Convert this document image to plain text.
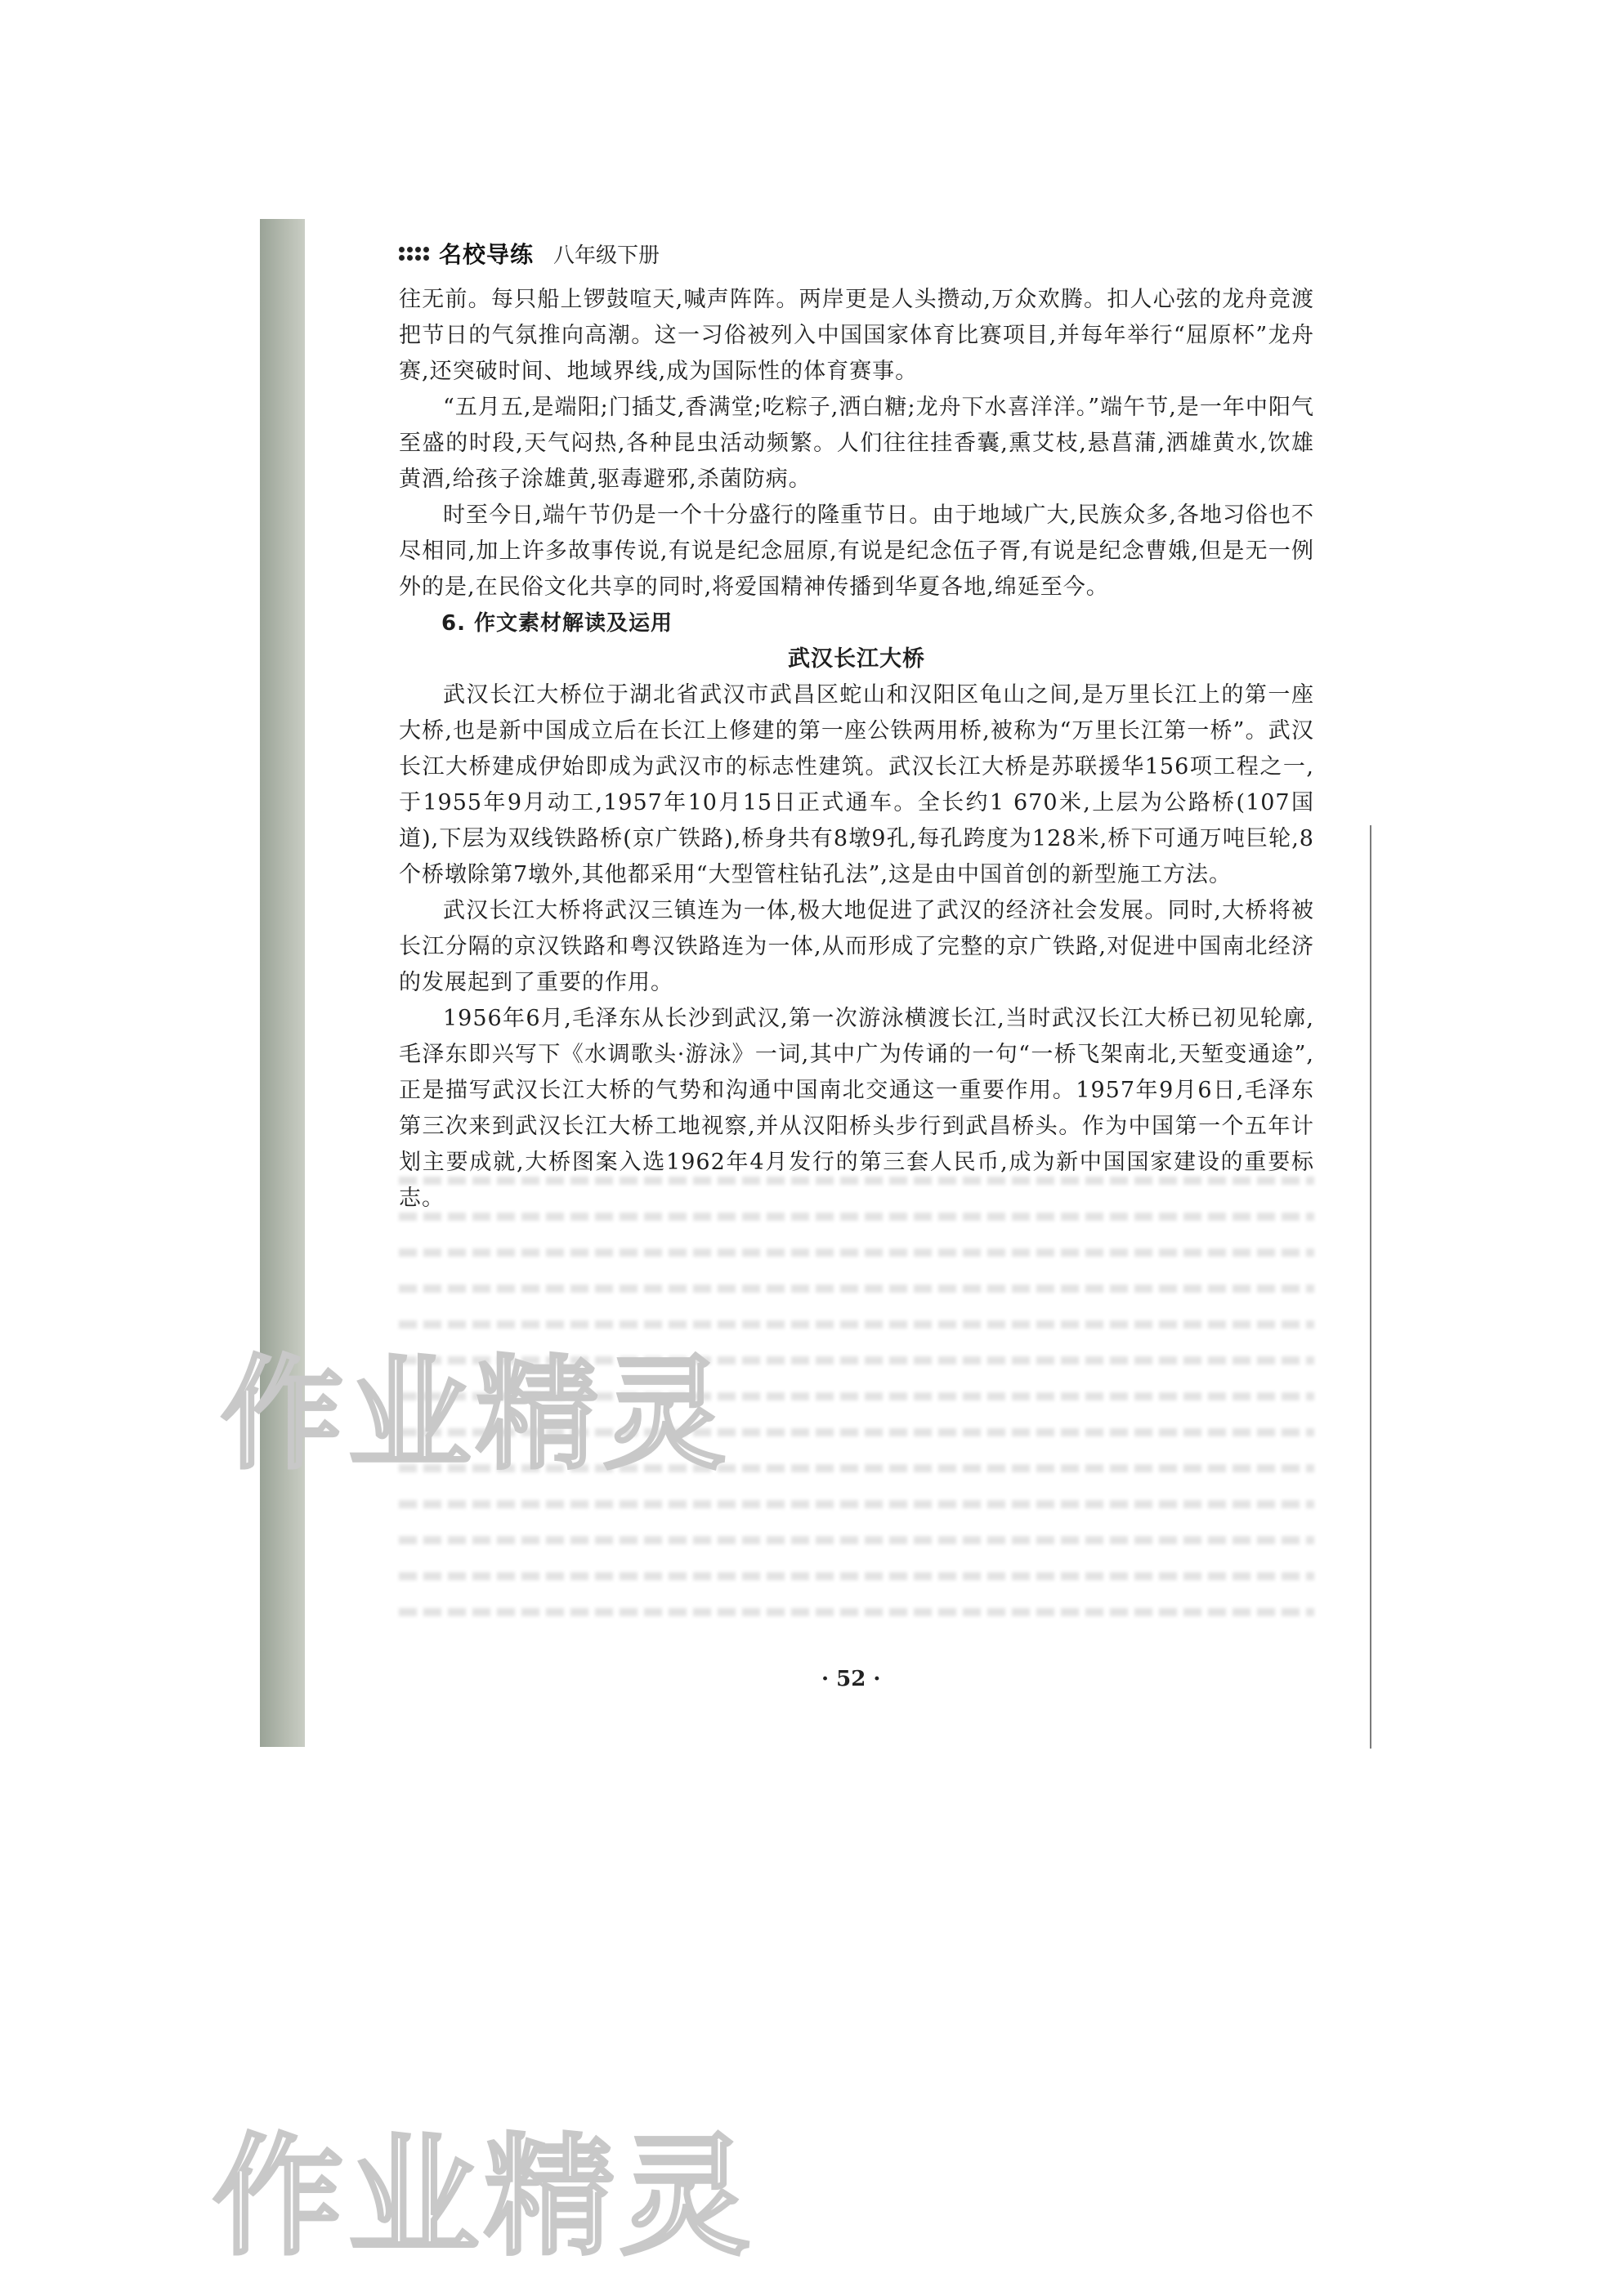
名校导练 八年级下册

往无前。每只船上锣鼓喧天,喊声阵阵。两岸更是人头攒动,万众欢腾。扣人心弦的龙舟竞渡把节日的气氛推向高潮。这一习俗被列入中国国家体育比赛项目,并每年举行“屈原杯”龙舟赛,还突破时间、地域界线,成为国际性的体育赛事。

“五月五,是端阳;门插艾,香满堂;吃粽子,洒白糖;龙舟下水喜洋洋。”端午节,是一年中阳气至盛的时段,天气闷热,各种昆虫活动频繁。人们往往挂香囊,熏艾枝,悬菖蒲,洒雄黄水,饮雄黄酒,给孩子涂雄黄,驱毒避邪,杀菌防病。

时至今日,端午节仍是一个十分盛行的隆重节日。由于地域广大,民族众多,各地习俗也不尽相同,加上许多故事传说,有说是纪念屈原,有说是纪念伍子胥,有说是纪念曹娥,但是无一例外的是,在民俗文化共享的同时,将爱国精神传播到华夏各地,绵延至今。

6. 作文素材解读及运用
武汉长江大桥

武汉长江大桥位于湖北省武汉市武昌区蛇山和汉阳区龟山之间,是万里长江上的第一座大桥,也是新中国成立后在长江上修建的第一座公铁两用桥,被称为“万里长江第一桥”。武汉长江大桥建成伊始即成为武汉市的标志性建筑。武汉长江大桥是苏联援华156项工程之一,于1955年9月动工,1957年10月15日正式通车。全长约1 670米,上层为公路桥(107国道),下层为双线铁路桥(京广铁路),桥身共有8墩9孔,每孔跨度为128米,桥下可通万吨巨轮,8个桥墩除第7墩外,其他都采用“大型管柱钻孔法”,这是由中国首创的新型施工方法。

武汉长江大桥将武汉三镇连为一体,极大地促进了武汉的经济社会发展。同时,大桥将被长江分隔的京汉铁路和粤汉铁路连为一体,从而形成了完整的京广铁路,对促进中国南北经济的发展起到了重要的作用。

1956年6月,毛泽东从长沙到武汉,第一次游泳横渡长江,当时武汉长江大桥已初见轮廓,毛泽东即兴写下《水调歌头·游泳》一词,其中广为传诵的一句“一桥飞架南北,天堑变通途”,正是描写武汉长江大桥的气势和沟通中国南北交通这一重要作用。1957年9月6日,毛泽东第三次来到武汉长江大桥工地视察,并从汉阳桥头步行到武昌桥头。作为中国第一个五年计划主要成就,大桥图案入选1962年4月发行的第三套人民币,成为新中国国家建设的重要标志。

作业精灵
作业精灵
· 52 ·
